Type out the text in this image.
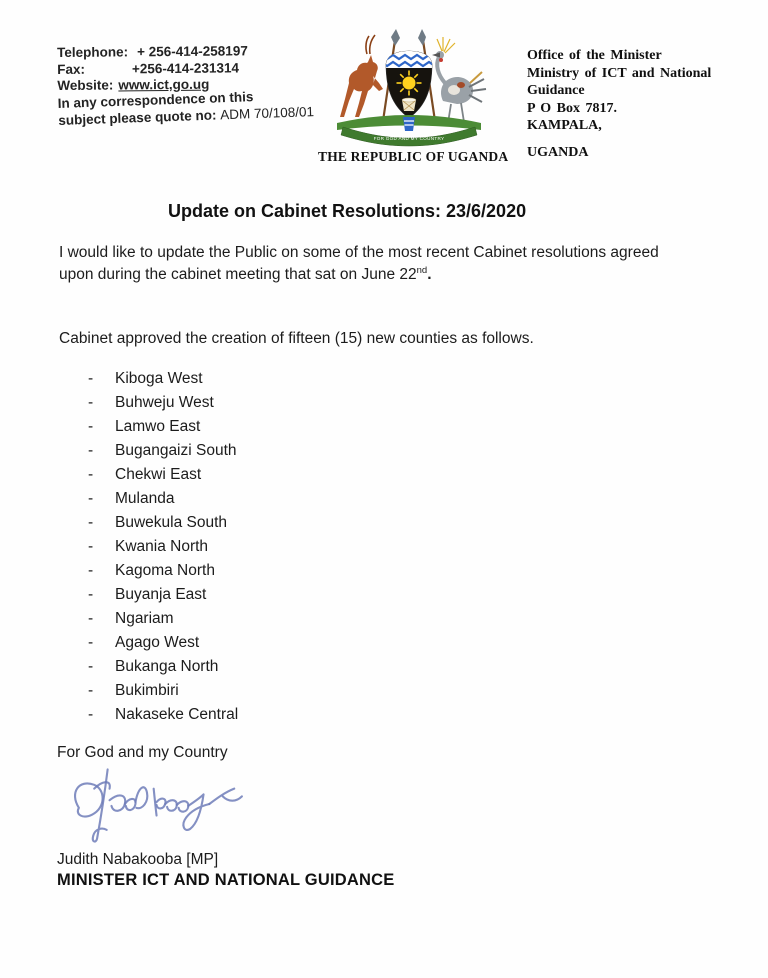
Telephone: + 256-414-258197
Fax:	+256-414-231314
Website: www.ict,go.ug
In any correspondence on this
subject please quote no: ADM 70/108/01
FOR GOD AND MY COUNTRY
THE REPUBLIC OF UGANDA
Office of the Minister
Ministry of ICT and National
Guidance
P O Box 7817.
KAMPALA,
UGANDA
Update on Cabinet Resolutions: 23/6/2020
I would like to update the Public on some of the most recent Cabinet resolutions agreed
upon during the cabinet meeting that sat on June 22nd.
Cabinet approved the creation of fifteen (15) new counties as follows.
-	Kiboga West
-	Buhweju West
-	Lamwo East
-	Bugangaizi South
-	Chekwi East
-	Mulanda
-	Buwekula South
-	Kwania North
-	Kagoma North
-	Buyanja East
-	Ngariam
-	Agago West
-	Bukanga North
-	Bukimbiri
-	Nakaseke Central
For God and my Country
Judith Nabakooba [MP]
MINISTER ICT AND NATIONAL GUIDANCE
